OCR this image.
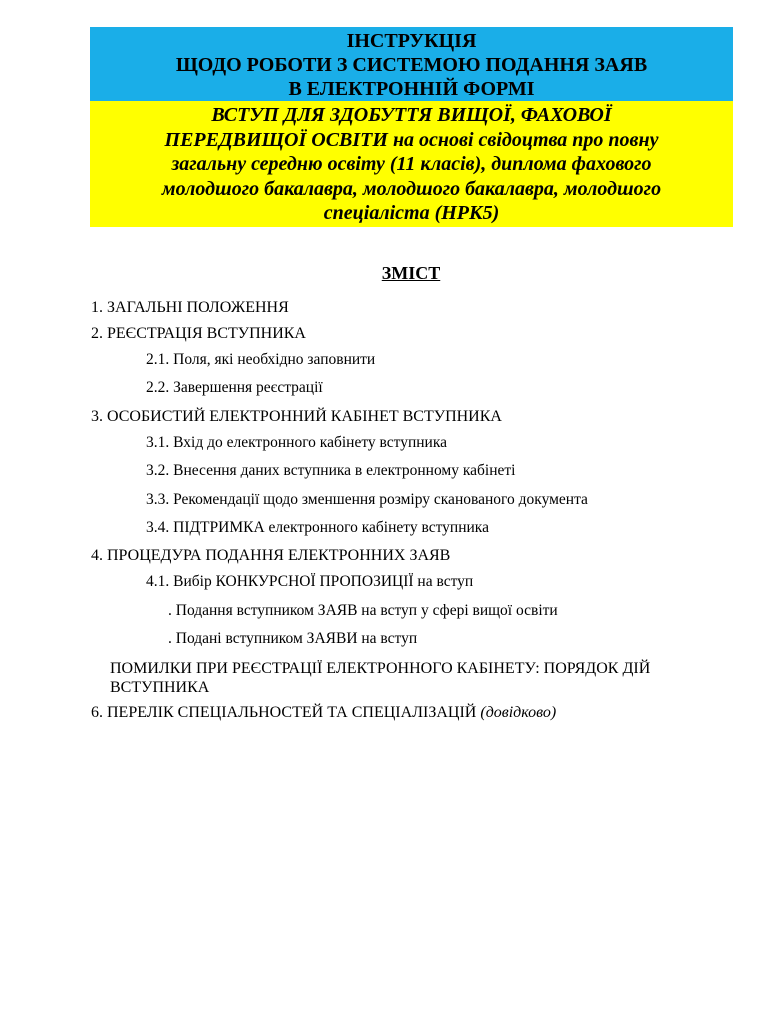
ІНСТРУКЦІЯ
ЩОДО РОБОТИ З СИСТЕМОЮ ПОДАННЯ ЗАЯВ
В ЕЛЕКТРОННІЙ ФОРМІ
ВСТУП ДЛЯ ЗДОБУТТЯ ВИЩОЇ, ФАХОВОЇ
ПЕРЕДВИЩОЇ ОСВІТИ на основі свідоцтва про повну
загальну середню освіту (11 класів), диплома фахового
молодшого бакалавра, молодшого бакалавра, молодшого
спеціаліста (НРК5)
ЗМІСТ
1. ЗАГАЛЬНІ ПОЛОЖЕННЯ
2. РЕЄСТРАЦІЯ ВСТУПНИКА
2.1. Поля, які необхідно заповнити
2.2. Завершення реєстрації
3. ОСОБИСТИЙ ЕЛЕКТРОННИЙ КАБІНЕТ ВСТУПНИКА
3.1. Вхід до електронного кабінету вступника
3.2. Внесення даних вступника в електронному кабінеті
3.3. Рекомендації щодо зменшення розміру сканованого документа
3.4. ПІДТРИМКА електронного кабінету вступника
4. ПРОЦЕДУРА ПОДАННЯ ЕЛЕКТРОННИХ ЗАЯВ
4.1. Вибір КОНКУРСНОЇ ПРОПОЗИЦІЇ на вступ
. Подання вступником ЗАЯВ на вступ у сфері вищої освіти
. Подані вступником ЗАЯВИ на вступ
ПОМИЛКИ ПРИ РЕЄСТРАЦІЇ ЕЛЕКТРОННОГО КАБІНЕТУ: ПОРЯДОК ДІЙ ВСТУПНИКА
6. ПЕРЕЛІК СПЕЦІАЛЬНОСТЕЙ ТА СПЕЦІАЛІЗАЦІЙ (довідково)
